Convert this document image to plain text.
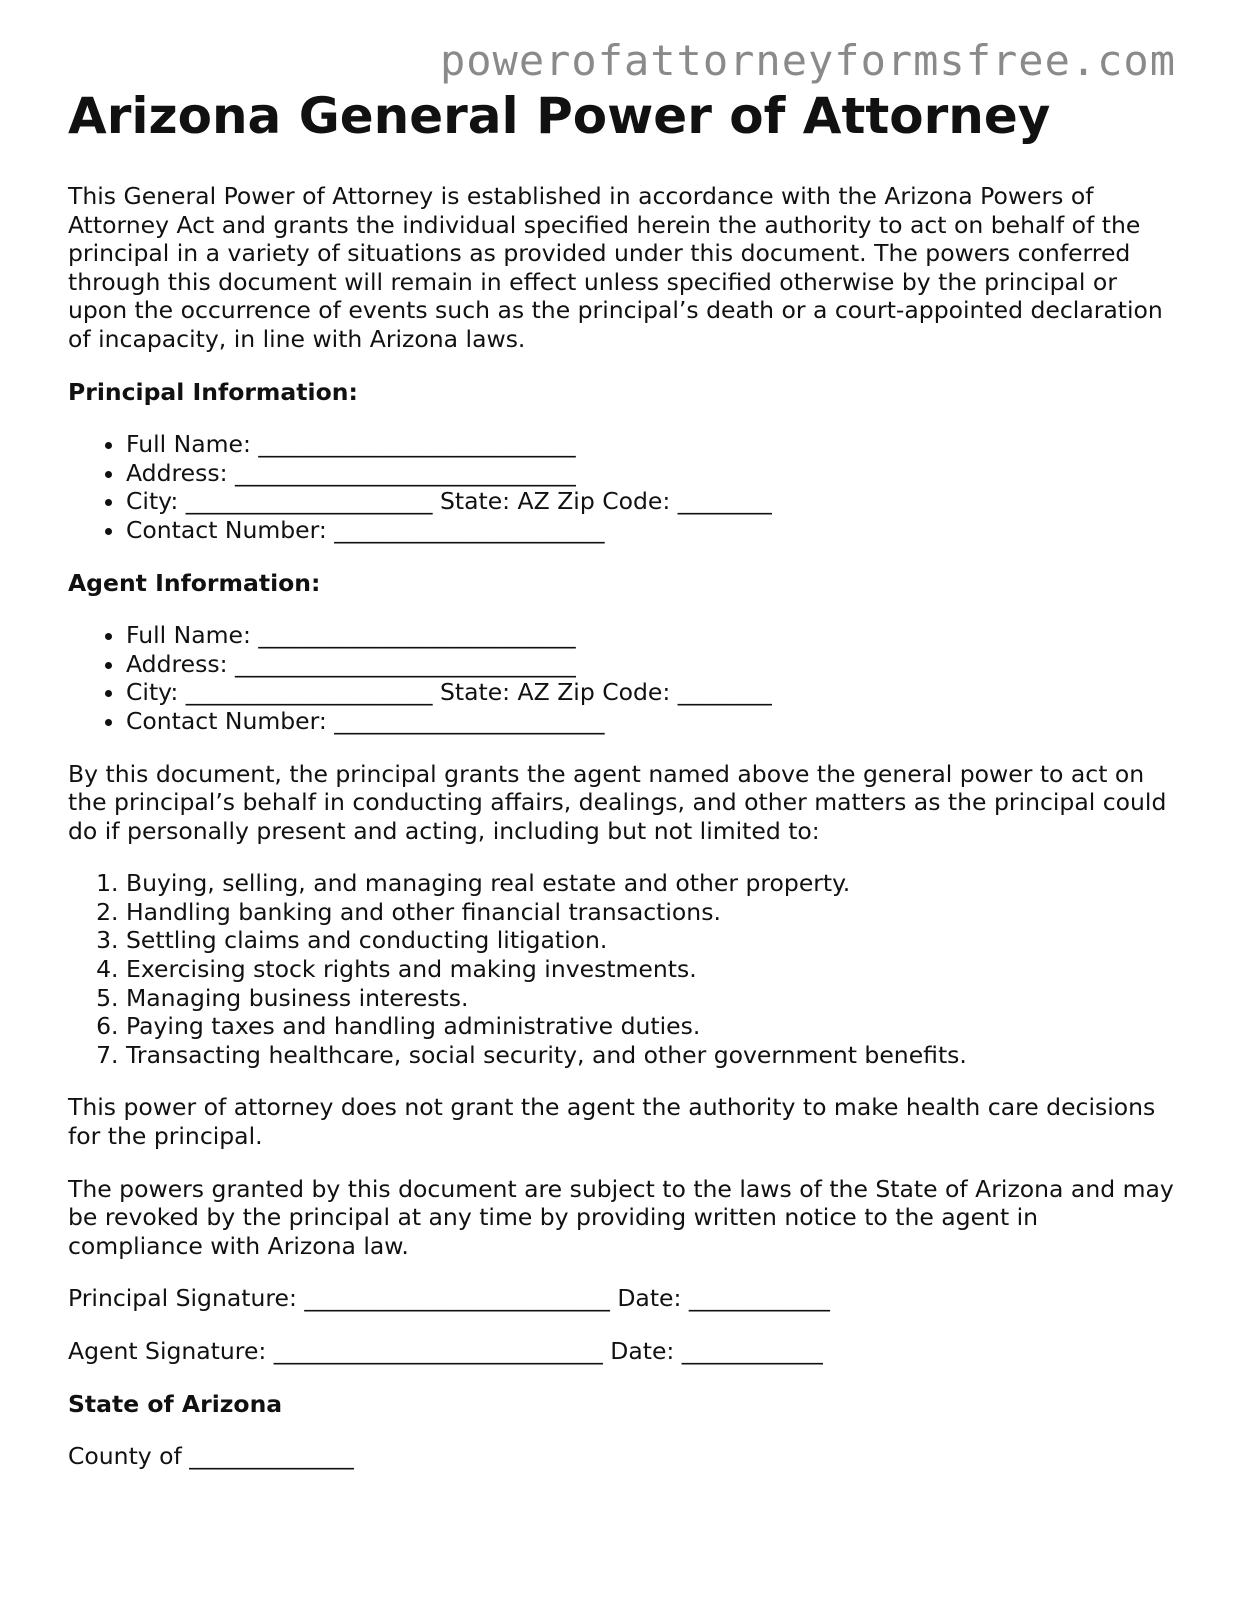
powerofattorneyformsfree.com
Arizona General Power of Attorney

This General Power of Attorney is established in accordance with the Arizona Powers of Attorney Act and grants the individual specified herein the authority to act on behalf of the principal in a variety of situations as provided under this document. The powers conferred through this document will remain in effect unless specified otherwise by the principal or upon the occurrence of events such as the principal’s death or a court-appointed declaration of incapacity, in line with Arizona laws.

Principal Information:
• Full Name: ___________________________
• Address: _____________________________
• City: _____________________ State: AZ Zip Code: ________
• Contact Number: _______________________
Agent Information:
• Full Name: ___________________________
• Address: _____________________________
• City: _____________________ State: AZ Zip Code: ________
• Contact Number: _______________________

By this document, the principal grants the agent named above the general power to act on the principal’s behalf in conducting affairs, dealings, and other matters as the principal could do if personally present and acting, including but not limited to:

1. Buying, selling, and managing real estate and other property.
2. Handling banking and other financial transactions.
3. Settling claims and conducting litigation.
4. Exercising stock rights and making investments.
5. Managing business interests.
6. Paying taxes and handling administrative duties.
7. Transacting healthcare, social security, and other government benefits.

This power of attorney does not grant the agent the authority to make health care decisions for the principal.

The powers granted by this document are subject to the laws of the State of Arizona and may be revoked by the principal at any time by providing written notice to the agent in compliance with Arizona law.

Principal Signature: __________________________ Date: ____________
Agent Signature: ____________________________ Date: ____________
State of Arizona
County of ______________
